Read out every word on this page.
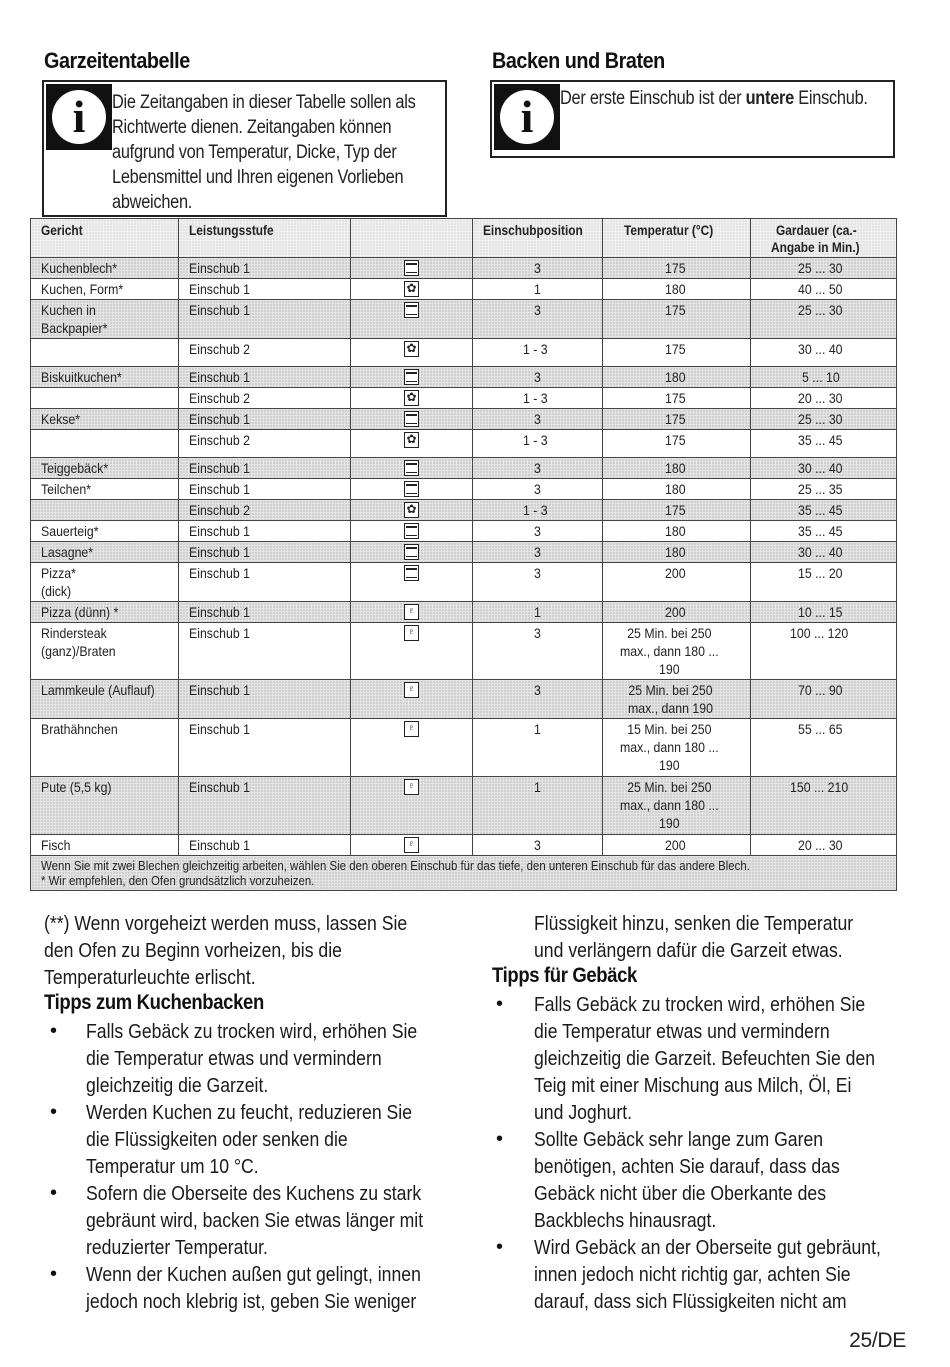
Garzeitentabelle	Backen und Braten
i	Die Zeitangaben in dieser Tabelle sollen als
Richtwerte dienen. Zeitangaben können
aufgrund von Temperatur, Dicke, Typ der
Lebensmittel und Ihren eigenen Vorlieben
abweichen.
i	Der erste Einschub ist der untere Einschub.
Gericht	Leistungsstufe		Einschubposition	Temperatur (°C)	Gardauer (ca.-
Angabe in Min.)
Kuchenblech*	Einschub 1		3	175	25 ... 30
Kuchen, Form*	Einschub 1	✿	1	180	40 ... 50
Kuchen in
Backpapier*	Einschub 1		3	175	25 ... 30
	Einschub 2	✿	1 - 3	175	30 ... 40
Biskuitkuchen*	Einschub 1		3	180	5 ... 10
	Einschub 2	✿	1 - 3	175	20 ... 30
Kekse*	Einschub 1		3	175	25 ... 30
	Einschub 2	✿	1 - 3	175	35 ... 45
Teiggebäck*	Einschub 1		3	180	30 ... 40
Teilchen*	Einschub 1		3	180	25 ... 35
	Einschub 2	✿	1 - 3	175	35 ... 45
Sauerteig*	Einschub 1		3	180	35 ... 45
Lasagne*	Einschub 1		3	180	30 ... 40
Pizza*
(dick)	Einschub 1		3	200	15 ... 20
Pizza (dünn) *	Einschub 1	♇	1	200	10 ... 15
Rindersteak
(ganz)/Braten	Einschub 1	♇	3	25 Min. bei 250
max., dann 180 ...
190	100 ... 120
Lammkeule (Auflauf)	Einschub 1	♇	3	25 Min. bei 250
max., dann 190	70 ... 90
Brathähnchen	Einschub 1	♇	1	15 Min. bei 250
max., dann 180 ...
190	55 ... 65
Pute (5,5 kg)	Einschub 1	♇	1	25 Min. bei 250
max., dann 180 ...
190	150 ... 210
Fisch	Einschub 1	♇	3	200	20 ... 30
Wenn Sie mit zwei Blechen gleichzeitig arbeiten, wählen Sie den oberen Einschub für das tiefe, den unteren Einschub für das andere Blech.
* Wir empfehlen, den Ofen grundsätzlich vorzuheizen.					
(**) Wenn vorgeheizt werden muss, lassen Sie
den Ofen zu Beginn vorheizen, bis die
Temperaturleuchte erlischt.
Tipps zum Kuchenbacken
• Falls Gebäck zu trocken wird, erhöhen Sie
die Temperatur etwas und vermindern
gleichzeitig die Garzeit.
• Werden Kuchen zu feucht, reduzieren Sie
die Flüssigkeiten oder senken die
Temperatur um 10 °C.
• Sofern die Oberseite des Kuchens zu stark
gebräunt wird, backen Sie etwas länger mit
reduzierter Temperatur.
• Wenn der Kuchen außen gut gelingt, innen
jedoch noch klebrig ist, geben Sie weniger
Flüssigkeit hinzu, senken die Temperatur
und verlängern dafür die Garzeit etwas.
Tipps für Gebäck
• Falls Gebäck zu trocken wird, erhöhen Sie
die Temperatur etwas und vermindern
gleichzeitig die Garzeit. Befeuchten Sie den
Teig mit einer Mischung aus Milch, Öl, Ei
und Joghurt.
• Sollte Gebäck sehr lange zum Garen
benötigen, achten Sie darauf, dass das
Gebäck nicht über die Oberkante des
Backblechs hinausragt.
• Wird Gebäck an der Oberseite gut gebräunt,
innen jedoch nicht richtig gar, achten Sie
darauf, dass sich Flüssigkeiten nicht am
25/DE
